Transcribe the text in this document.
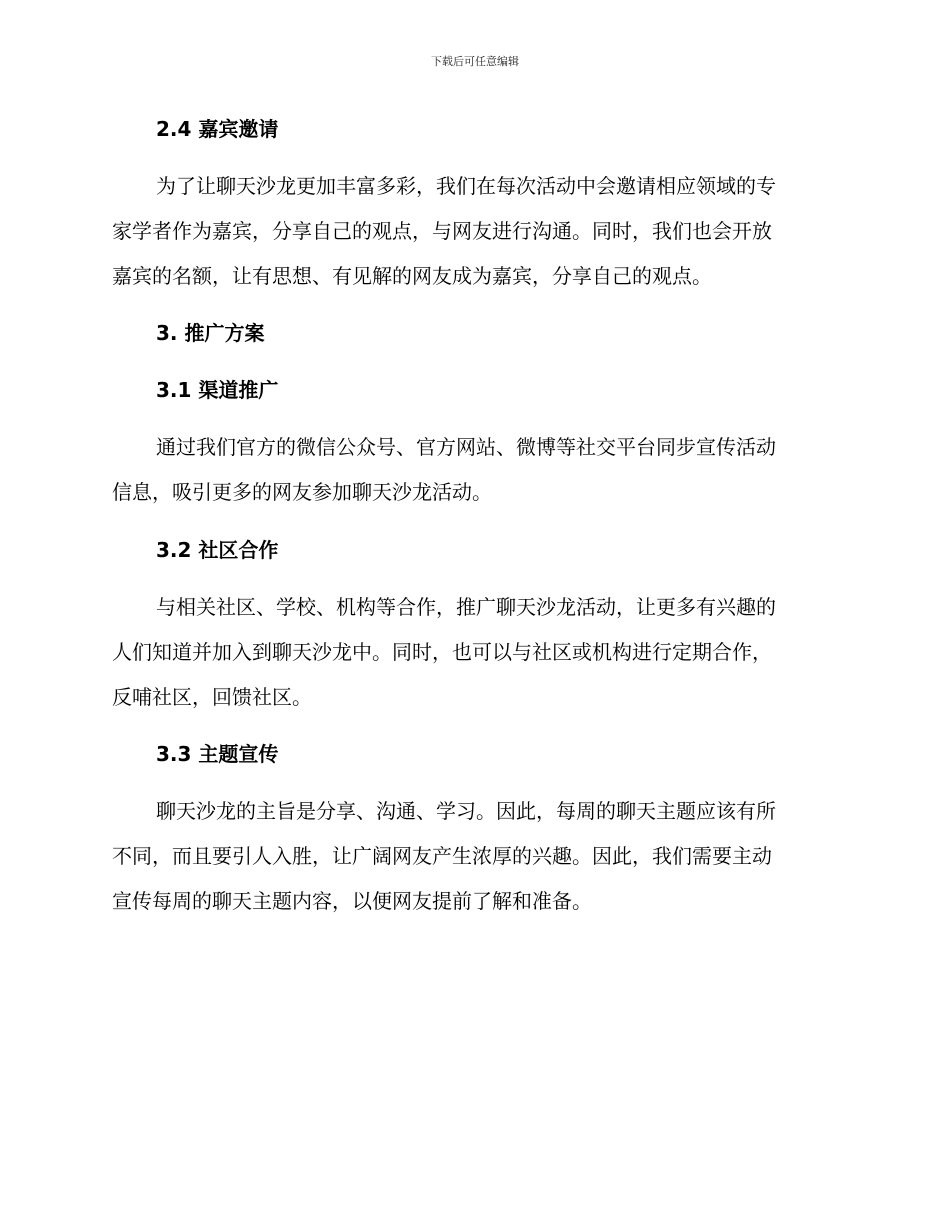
下载后可任意编辑
2.4 嘉宾邀请
为了让聊天沙龙更加丰富多彩，我们在每次活动中会邀请相应领域的专
家学者作为嘉宾，分享自己的观点，与网友进行沟通。同时，我们也会开放
嘉宾的名额，让有思想、有见解的网友成为嘉宾，分享自己的观点。
3. 推广方案
3.1 渠道推广
通过我们官方的微信公众号、官方网站、微博等社交平台同步宣传活动
信息，吸引更多的网友参加聊天沙龙活动。
3.2 社区合作
与相关社区、学校、机构等合作，推广聊天沙龙活动，让更多有兴趣的
人们知道并加入到聊天沙龙中。同时，也可以与社区或机构进行定期合作，
反哺社区，回馈社区。
3.3 主题宣传
聊天沙龙的主旨是分享、沟通、学习。因此，每周的聊天主题应该有所
不同，而且要引人入胜，让广阔网友产生浓厚的兴趣。因此，我们需要主动
宣传每周的聊天主题内容，以便网友提前了解和准备。
